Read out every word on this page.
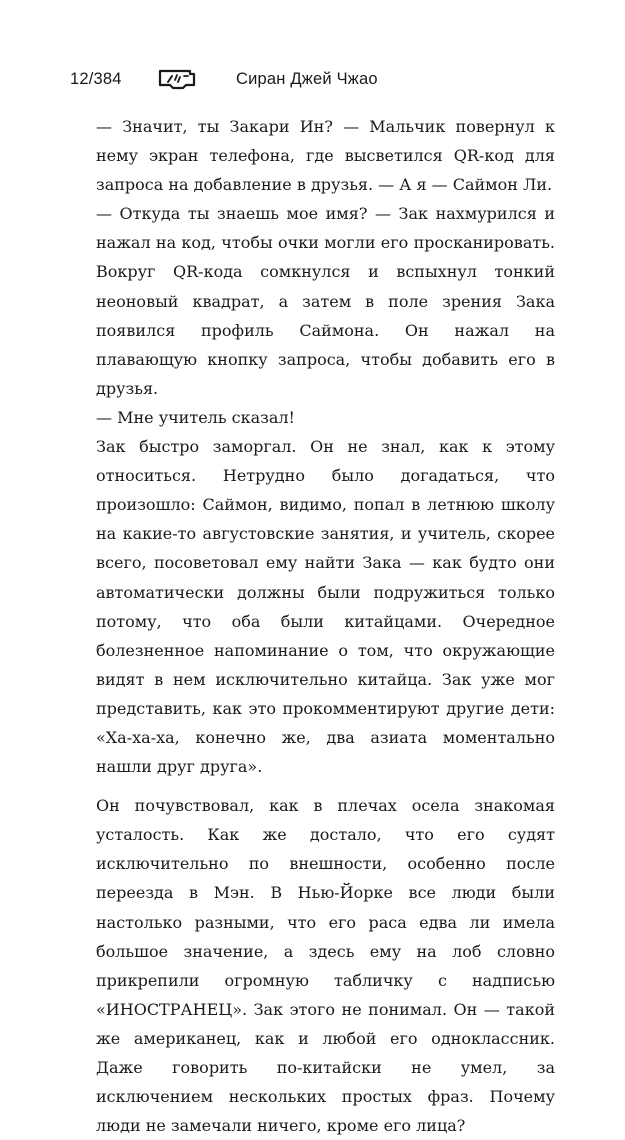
12/384	Сиран Джей Чжао

— Значит, ты Закари Ин? — Мальчик повернул к нему экран телефона, где высветился QR-код для запроса на добавление в друзья. — А я — Саймон Ли.

— Откуда ты знаешь мое имя? — Зак нахмурился и нажал на код, чтобы очки могли его просканировать. Вокруг QR-кода сомкнулся и вспыхнул тонкий неоновый квадрат, а затем в поле зрения Зака появился профиль Саймона. Он нажал на плавающую кнопку запроса, чтобы добавить его в друзья.

— Мне учитель сказал!

Зак быстро заморгал. Он не знал, как к этому относиться. Нетрудно было догадаться, что произошло: Саймон, видимо, попал в летнюю школу на какие-то августовские занятия, и учитель, скорее всего, посоветовал ему найти Зака — как будто они автоматически должны были подружиться только потому, что оба были китайцами. Очередное болезненное напоминание о том, что окружающие видят в нем исключительно китайца. Зак уже мог представить, как это прокомментируют другие дети: «Ха-ха-ха, конечно же, два азиата моментально нашли друг друга».

Он почувствовал, как в плечах осела знакомая усталость. Как же достало, что его судят исключительно по внешности, особенно после переезда в Мэн. В Нью-Йорке все люди были настолько разными, что его раса едва ли имела большое значение, а здесь ему на лоб словно прикрепили огромную табличку с надписью «ИНОСТРАНЕЦ». Зак этого не понимал. Он — такой же американец, как и любой его одноклассник. Даже говорить по-китайски не умел, за исключением нескольких простых фраз. Почему люди не замечали ничего, кроме его лица?
